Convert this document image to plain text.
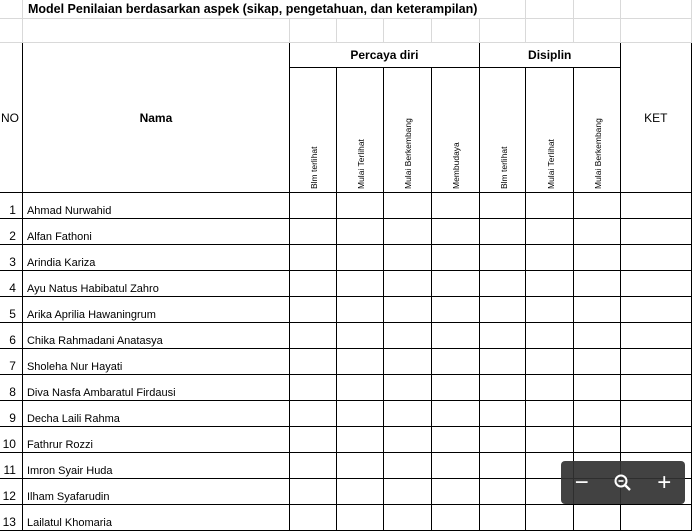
	Model Penilaian berdasarkan aspek (sikap, pengetahuan, dan keterampilan)								

NO	Nama	Percaya diri				Disiplin			KET

		Blm terlihat	Mulai Terlihat	Mulai Berkembang	Membudaya	Blm terlihat	Mulai Terlihat	Mulai Berkembang	

1	Ahmad Nurwahid								
2	Alfan Fathoni								
3	Arindia Kariza								
4	Ayu Natus Habibatul Zahro								
5	Arika Aprilia Hawaningrum								
6	Chika Rahmadani Anatasya								
7	Sholeha Nur Hayati								
8	Diva Nasfa Ambaratul Firdausi								
9	Decha Laili Rahma								
10	Fathrur Rozzi								
11	Imron Syair Huda								
12	Ilham Syafarudin								
13	Lailatul Khomaria								
−	+
